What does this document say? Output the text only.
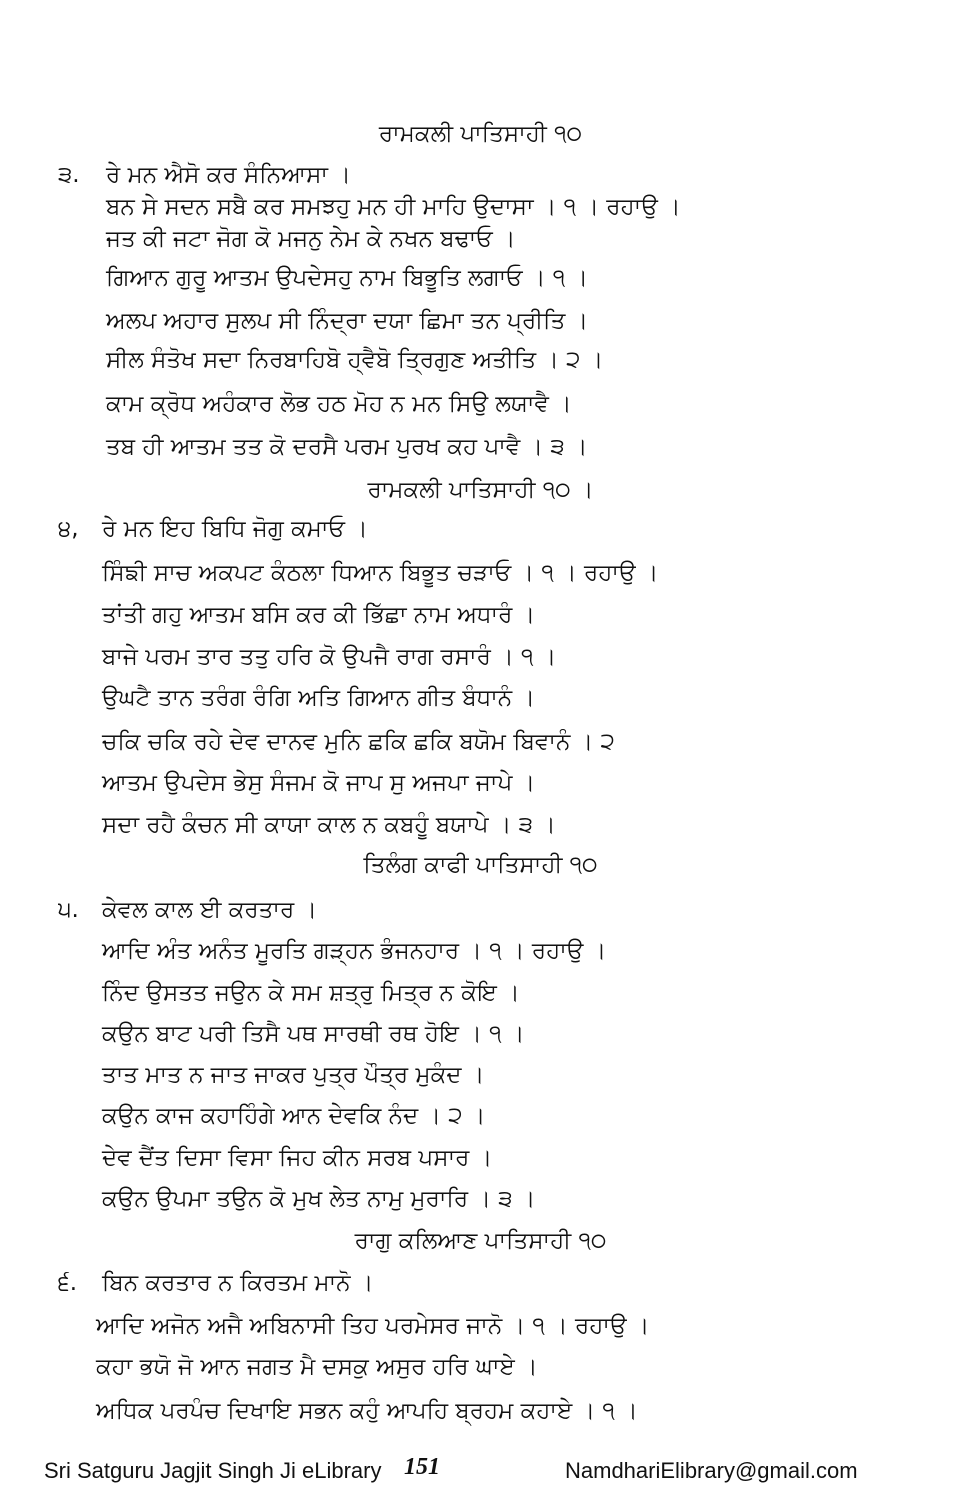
ਰਾਮਕਲੀ ਪਾਤਿਸਾਹੀ ੧੦
੩. ਰੇ ਮਨ ਐਸੋ ਕਰ ਸੰਨਿਆਸਾ ।
ਬਨ ਸੇ ਸਦਨ ਸਬੈ ਕਰ ਸਮਝਹੁ ਮਨ ਹੀ ਮਾਹਿ ਉਦਾਸਾ । ੧ । ਰਹਾਉ ।
ਜਤ ਕੀ ਜਟਾ ਜੋਗ ਕੋ ਮਜਨੁ ਨੇਮ ਕੇ ਨਖਨ ਬਢਾਓ ।
ਗਿਆਨ ਗੁਰੂ ਆਤਮ ਉਪਦੇਸਹੁ ਨਾਮ ਬਿਭੂਤਿ ਲਗਾਓ । ੧ ।
ਅਲਪ ਅਹਾਰ ਸੁਲਪ ਸੀ ਨਿੰਦ੍ਰਾ ਦਯਾ ਛਿਮਾ ਤਨ ਪ੍ਰੀਤਿ ।
ਸੀਲ ਸੰਤੋਖ ਸਦਾ ਨਿਰਬਾਹਿਬੋ ਹ੍ਵੈਬੋ ਤ੍ਰਿਗੁਣ ਅਤੀਤਿ । ੨ ।
ਕਾਮ ਕ੍ਰੋਧ ਅਹੰਕਾਰ ਲੋਭ ਹਠ ਮੋਹ ਨ ਮਨ ਸਿਉ ਲਯਾਵੈ ।
ਤਬ ਹੀ ਆਤਮ ਤਤ ਕੋ ਦਰਸੈ ਪਰਮ ਪੁਰਖ ਕਹ ਪਾਵੈ । ੩ ।
ਰਾਮਕਲੀ ਪਾਤਿਸਾਹੀ ੧੦ ।
੪, ਰੇ ਮਨ ਇਹ ਬਿਧਿ ਜੋਗੁ ਕਮਾਓ ।
ਸਿੰਙੀ ਸਾਚ ਅਕਪਟ ਕੰਠਲਾ ਧਿਆਨ ਬਿਭੂਤ ਚੜਾਓ । ੧ । ਰਹਾਉ ।
ਤਾਂਤੀ ਗਹੁ ਆਤਮ ਬਸਿ ਕਰ ਕੀ ਭਿੱਛਾ ਨਾਮ ਅਧਾਰੰ ।
ਬਾਜੇ ਪਰਮ ਤਾਰ ਤਤੁ ਹਰਿ ਕੋ ਉਪਜੈ ਰਾਗ ਰਸਾਰੰ । ੧ ।
ਉਘਟੈ ਤਾਨ ਤਰੰਗ ਰੰਗਿ ਅਤਿ ਗਿਆਨ ਗੀਤ ਬੰਧਾਨੰ ।
ਚਕਿ ਚਕਿ ਰਹੇ ਦੇਵ ਦਾਨਵ ਮੁਨਿ ਛਕਿ ਛਕਿ ਬਯੋਮ ਬਿਵਾਨੰ । ੨
ਆਤਮ ਉਪਦੇਸ ਭੇਸੁ ਸੰਜਮ ਕੋ ਜਾਪ ਸੁ ਅਜਪਾ ਜਾਪੇ ।
ਸਦਾ ਰਹੈ ਕੰਚਨ ਸੀ ਕਾਯਾ ਕਾਲ ਨ ਕਬਹੂੰ ਬਯਾਪੇ । ੩ ।
ਤਿਲੰਗ ਕਾਫੀ ਪਾਤਿਸਾਹੀ ੧੦
੫. ਕੇਵਲ ਕਾਲ ਈ ਕਰਤਾਰ ।
ਆਦਿ ਅੰਤ ਅਨੰਤ ਮੂਰਤਿ ਗੜ੍ਹਨ ਭੰਜਨਹਾਰ । ੧ । ਰਹਾਉ ।
ਨਿੰਦ ਉਸਤਤ ਜਉਨ ਕੇ ਸਮ ਸ਼ਤ੍ਰੁ ਮਿਤ੍ਰ ਨ ਕੋਇ ।
ਕਉਨ ਬਾਟ ਪਰੀ ਤਿਸੈ ਪਥ ਸਾਰਥੀ ਰਥ ਹੋਇ । ੧ ।
ਤਾਤ ਮਾਤ ਨ ਜਾਤ ਜਾਕਰ ਪੁਤ੍ਰ ਪੌਤ੍ਰ ਮੁਕੰਦ ।
ਕਉਨ ਕਾਜ ਕਹਾਹਿੰਗੇ ਆਨ ਦੇਵਕਿ ਨੰਦ । ੨ ।
ਦੇਵ ਦੈਂਤ ਦਿਸਾ ਵਿਸਾ ਜਿਹ ਕੀਨ ਸਰਬ ਪਸਾਰ ।
ਕਉਨ ਉਪਮਾ ਤਉਨ ਕੋ ਮੁਖ ਲੇਤ ਨਾਮੁ ਮੁਰਾਰਿ । ੩ ।
ਰਾਗੁ ਕਲਿਆਣ ਪਾਤਿਸਾਹੀ ੧੦
੬. ਬਿਨ ਕਰਤਾਰ ਨ ਕਿਰਤਮ ਮਾਨੋ ।
ਆਦਿ ਅਜੋਨ ਅਜੈ ਅਬਿਨਾਸੀ ਤਿਹ ਪਰਮੇਸਰ ਜਾਨੋ । ੧ । ਰਹਾਉ ।
ਕਹਾ ਭਯੋ ਜੋ ਆਨ ਜਗਤ ਮੈ ਦਸਕੁ ਅਸੁਰ ਹਰਿ ਘਾਏ ।
ਅਧਿਕ ਪਰਪੰਚ ਦਿਖਾਇ ਸਭਨ ਕਹੁੰ ਆਪਹਿ ਬ੍ਰਹਮ ਕਹਾਏ । ੧ ।
Sri Satguru Jagjit Singh Ji eLibrary 151	NamdhariElibrary@gmail.com
